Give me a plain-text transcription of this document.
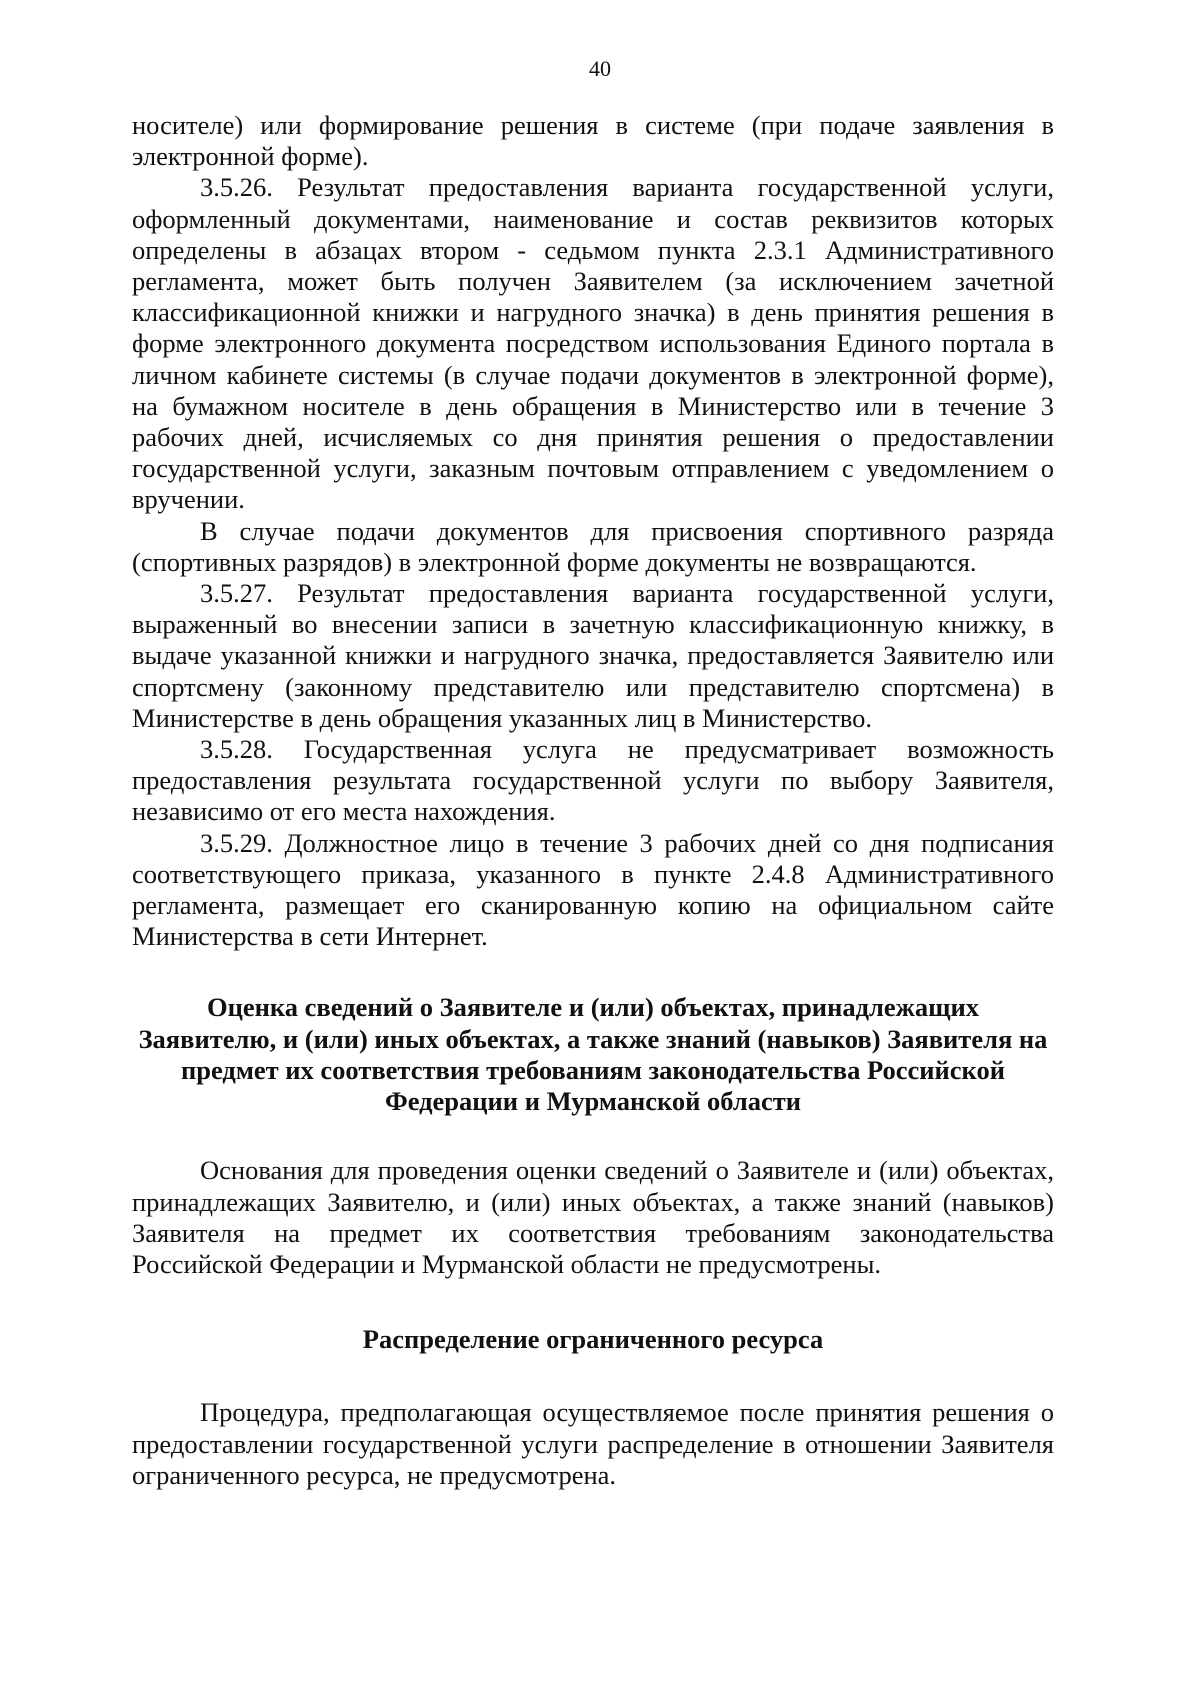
40

носителе) или формирование решения в системе (при подаче заявления в электронной форме).

3.5.26. Результат предоставления варианта государственной услуги, оформленный документами, наименование и состав реквизитов которых определены в абзацах втором - седьмом пункта 2.3.1 Административного регламента, может быть получен Заявителем (за исключением зачетной классификационной книжки и нагрудного значка) в день принятия решения в форме электронного документа посредством использования Единого портала в личном кабинете системы (в случае подачи документов в электронной форме), на бумажном носителе в день обращения в Министерство или в течение 3 рабочих дней, исчисляемых со дня принятия решения о предоставлении государственной услуги, заказным почтовым отправлением с уведомлением о вручении.

В случае подачи документов для присвоения спортивного разряда (спортивных разрядов) в электронной форме документы не возвращаются.

3.5.27. Результат предоставления варианта государственной услуги, выраженный во внесении записи в зачетную классификационную книжку, в выдаче указанной книжки и нагрудного значка, предоставляется Заявителю или спортсмену (законному представителю или представителю спортсмена) в Министерстве в день обращения указанных лиц в Министерство.

3.5.28. Государственная услуга не предусматривает возможность предоставления результата государственной услуги по выбору Заявителя, независимо от его места нахождения.

3.5.29. Должностное лицо в течение 3 рабочих дней со дня подписания соответствующего приказа, указанного в пункте 2.4.8 Административного регламента, размещает его сканированную копию на официальном сайте Министерства в сети Интернет.

Оценка сведений о Заявителе и (или) объектах, принадлежащих
Заявителю, и (или) иных объектах, а также знаний (навыков) Заявителя на
предмет их соответствия требованиям законодательства Российской
Федерации и Мурманской области

Основания для проведения оценки сведений о Заявителе и (или) объектах, принадлежащих Заявителю, и (или) иных объектах, а также знаний (навыков) Заявителя на предмет их соответствия требованиям законодательства Российской Федерации и Мурманской области не предусмотрены.

Распределение ограниченного ресурса

Процедура, предполагающая осуществляемое после принятия решения о предоставлении государственной услуги распределение в отношении Заявителя ограниченного ресурса, не предусмотрена.
